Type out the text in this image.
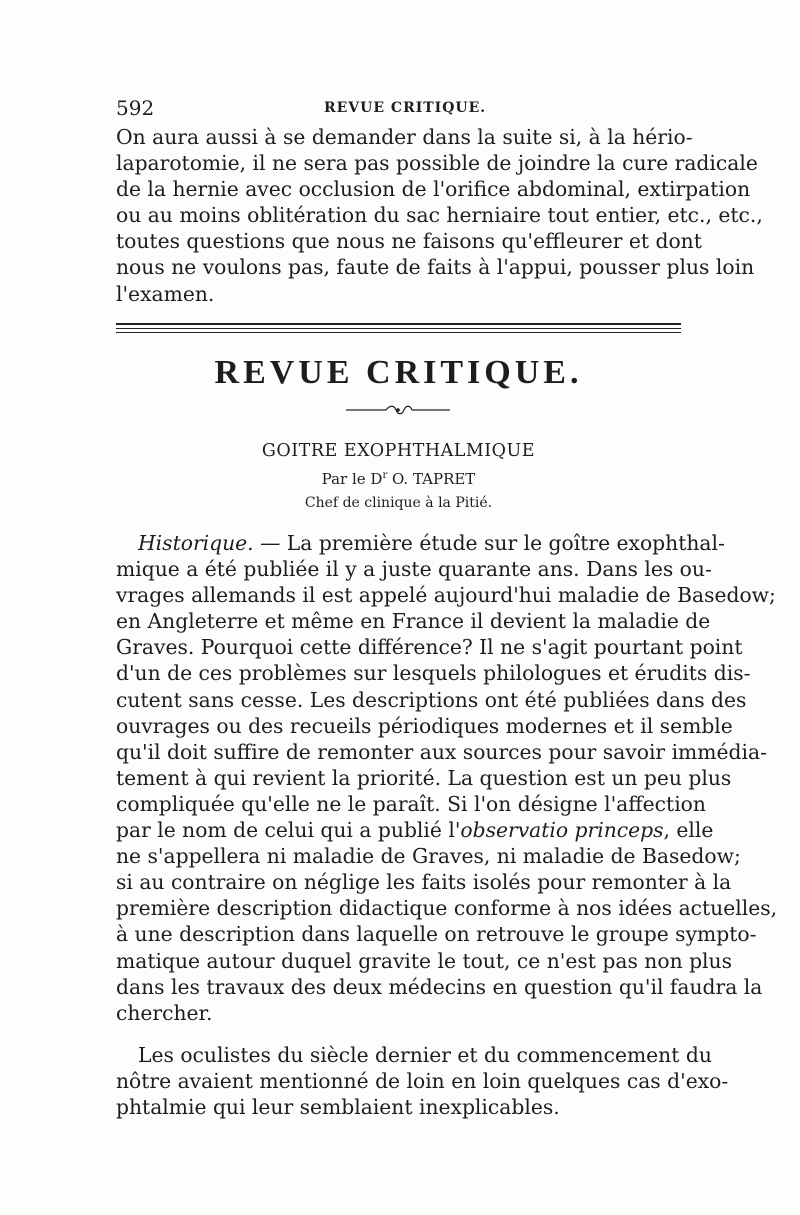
592	REVUE CRITIQUE.

On aura aussi à se demander dans la suite si, à la hério-
laparotomie, il ne sera pas possible de joindre la cure radicale
de la hernie avec occlusion de l'orifice abdominal, extirpation
ou au moins oblitération du sac herniaire tout entier, etc., etc.,
toutes questions que nous ne faisons qu'effleurer et dont
nous ne voulons pas, faute de faits à l'appui, pousser plus loin
l'examen.

REVUE CRITIQUE.
GOITRE EXOPHTHALMIQUE
Par le $D^r$ O. TAPRET
Chef de clinique à la Pitié.

Historique. — La première étude sur le goître exophthal-
mique a été publiée il y a juste quarante ans. Dans les ou-
vrages allemands il est appelé aujourd'hui maladie de Basedow;
en Angleterre et même en France il devient la maladie de
Graves. Pourquoi cette différence? Il ne s'agit pourtant point
d'un de ces problèmes sur lesquels philologues et érudits dis-
cutent sans cesse. Les descriptions ont été publiées dans des
ouvrages ou des recueils périodiques modernes et il semble
qu'il doit suffire de remonter aux sources pour savoir immédia-
tement à qui revient la priorité. La question est un peu plus
compliquée qu'elle ne le paraît. Si l'on désigne l'affection
par le nom de celui qui a publié l'observatio princeps, elle
ne s'appellera ni maladie de Graves, ni maladie de Basedow;
si au contraire on néglige les faits isolés pour remonter à la
première description didactique conforme à nos idées actuelles,
à une description dans laquelle on retrouve le groupe sympto-
matique autour duquel gravite le tout, ce n'est pas non plus
dans les travaux des deux médecins en question qu'il faudra la
chercher.

Les oculistes du siècle dernier et du commencement du
nôtre avaient mentionné de loin en loin quelques cas d'exo-
phtalmie qui leur semblaient inexplicables.
